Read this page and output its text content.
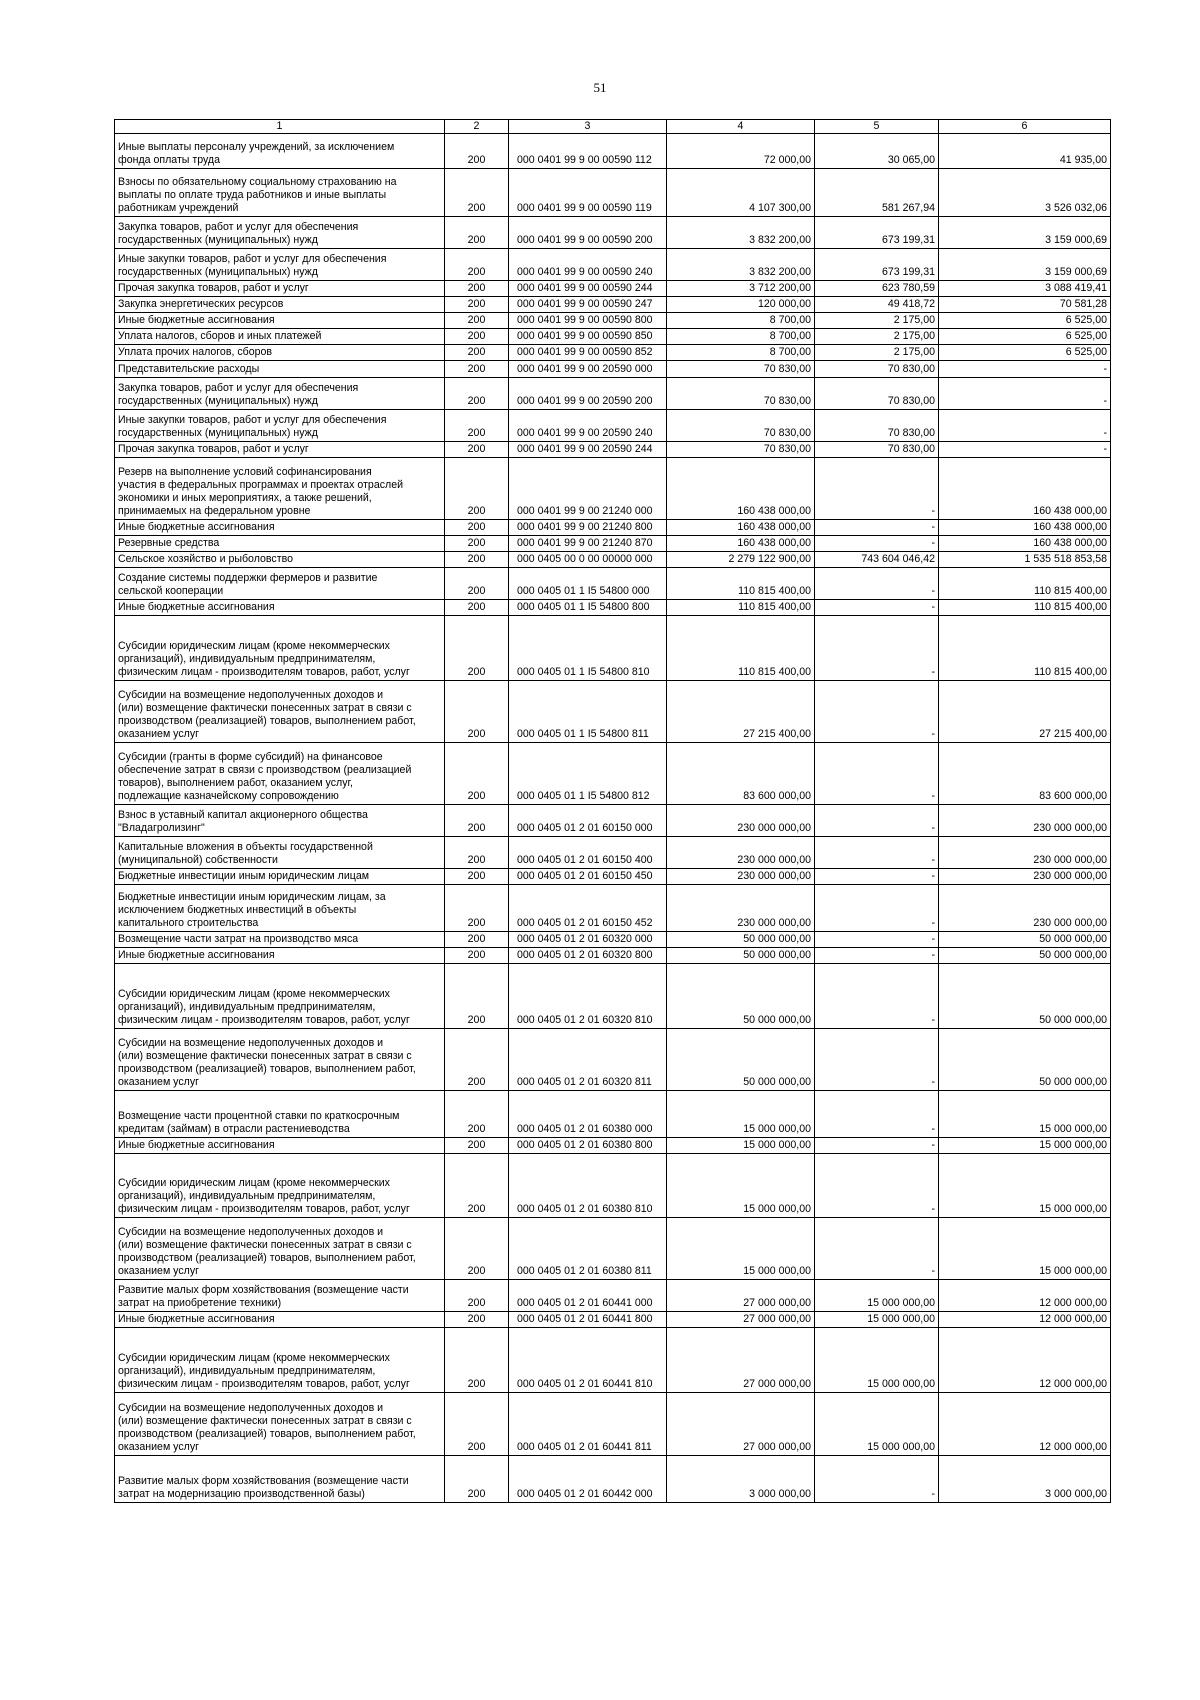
51
1	2	3	4	5	6
Иные выплаты персоналу учреждений, за исключением
фонда оплаты труда	200	000 0401 99 9 00 00590 112	72 000,00	30 065,00	41 935,00
Взносы по обязательному социальному страхованию на
выплаты по оплате труда работников и иные выплаты
работникам учреждений	200	000 0401 99 9 00 00590 119	4 107 300,00	581 267,94	3 526 032,06
Закупка товаров, работ и услуг для обеспечения
государственных (муниципальных) нужд	200	000 0401 99 9 00 00590 200	3 832 200,00	673 199,31	3 159 000,69
Иные закупки товаров, работ и услуг для обеспечения
государственных (муниципальных) нужд	200	000 0401 99 9 00 00590 240	3 832 200,00	673 199,31	3 159 000,69
Прочая закупка товаров, работ и услуг	200	000 0401 99 9 00 00590 244	3 712 200,00	623 780,59	3 088 419,41
Закупка энергетических ресурсов	200	000 0401 99 9 00 00590 247	120 000,00	49 418,72	70 581,28
Иные бюджетные ассигнования	200	000 0401 99 9 00 00590 800	8 700,00	2 175,00	6 525,00
Уплата налогов, сборов и иных платежей	200	000 0401 99 9 00 00590 850	8 700,00	2 175,00	6 525,00
Уплата прочих налогов, сборов	200	000 0401 99 9 00 00590 852	8 700,00	2 175,00	6 525,00
Представительские расходы	200	000 0401 99 9 00 20590 000	70 830,00	70 830,00	-
Закупка товаров, работ и услуг для обеспечения
государственных (муниципальных) нужд	200	000 0401 99 9 00 20590 200	70 830,00	70 830,00	-
Иные закупки товаров, работ и услуг для обеспечения
государственных (муниципальных) нужд	200	000 0401 99 9 00 20590 240	70 830,00	70 830,00	-
Прочая закупка товаров, работ и услуг	200	000 0401 99 9 00 20590 244	70 830,00	70 830,00	-
Резерв на выполнение условий софинансирования
участия в федеральных программах и проектах отраслей
экономики и иных мероприятиях, а также решений,
принимаемых на федеральном уровне	200	000 0401 99 9 00 21240 000	160 438 000,00	-	160 438 000,00
Иные бюджетные ассигнования	200	000 0401 99 9 00 21240 800	160 438 000,00	-	160 438 000,00
Резервные средства	200	000 0401 99 9 00 21240 870	160 438 000,00	-	160 438 000,00
Сельское хозяйство и рыболовство	200	000 0405 00 0 00 00000 000	2 279 122 900,00	743 604 046,42	1 535 518 853,58
Создание системы поддержки фермеров и развитие
сельской кооперации	200	000 0405 01 1 I5 54800 000	110 815 400,00	-	110 815 400,00
Иные бюджетные ассигнования	200	000 0405 01 1 I5 54800 800	110 815 400,00	-	110 815 400,00
Субсидии юридическим лицам (кроме некоммерческих
организаций), индивидуальным предпринимателям,
физическим лицам - производителям товаров, работ, услуг	200	000 0405 01 1 I5 54800 810	110 815 400,00	-	110 815 400,00
Субсидии на возмещение недополученных доходов и
(или) возмещение фактически понесенных затрат в связи с
производством (реализацией) товаров, выполнением работ,
оказанием услуг	200	000 0405 01 1 I5 54800 811	27 215 400,00	-	27 215 400,00
Субсидии (гранты в форме субсидий) на финансовое
обеспечение затрат в связи с производством (реализацией
товаров), выполнением работ, оказанием услуг,
подлежащие казначейскому сопровождению	200	000 0405 01 1 I5 54800 812	83 600 000,00	-	83 600 000,00
Взнос в уставный капитал акционерного общества
"Владагролизинг"	200	000 0405 01 2 01 60150 000	230 000 000,00	-	230 000 000,00
Капитальные вложения в объекты государственной
(муниципальной) собственности	200	000 0405 01 2 01 60150 400	230 000 000,00	-	230 000 000,00
Бюджетные инвестиции иным юридическим лицам	200	000 0405 01 2 01 60150 450	230 000 000,00	-	230 000 000,00
Бюджетные инвестиции иным юридическим лицам, за
исключением бюджетных инвестиций в объекты
капитального строительства	200	000 0405 01 2 01 60150 452	230 000 000,00	-	230 000 000,00
Возмещение части затрат на производство мяса	200	000 0405 01 2 01 60320 000	50 000 000,00	-	50 000 000,00
Иные бюджетные ассигнования	200	000 0405 01 2 01 60320 800	50 000 000,00	-	50 000 000,00
Субсидии юридическим лицам (кроме некоммерческих
организаций), индивидуальным предпринимателям,
физическим лицам - производителям товаров, работ, услуг	200	000 0405 01 2 01 60320 810	50 000 000,00	-	50 000 000,00
Субсидии на возмещение недополученных доходов и
(или) возмещение фактически понесенных затрат в связи с
производством (реализацией) товаров, выполнением работ,
оказанием услуг	200	000 0405 01 2 01 60320 811	50 000 000,00	-	50 000 000,00
Возмещение части процентной ставки по краткосрочным
кредитам (займам) в отрасли растениеводства	200	000 0405 01 2 01 60380 000	15 000 000,00	-	15 000 000,00
Иные бюджетные ассигнования	200	000 0405 01 2 01 60380 800	15 000 000,00	-	15 000 000,00
Субсидии юридическим лицам (кроме некоммерческих
организаций), индивидуальным предпринимателям,
физическим лицам - производителям товаров, работ, услуг	200	000 0405 01 2 01 60380 810	15 000 000,00	-	15 000 000,00
Субсидии на возмещение недополученных доходов и
(или) возмещение фактически понесенных затрат в связи с
производством (реализацией) товаров, выполнением работ,
оказанием услуг	200	000 0405 01 2 01 60380 811	15 000 000,00	-	15 000 000,00
Развитие малых форм хозяйствования (возмещение части
затрат на приобретение техники)	200	000 0405 01 2 01 60441 000	27 000 000,00	15 000 000,00	12 000 000,00
Иные бюджетные ассигнования	200	000 0405 01 2 01 60441 800	27 000 000,00	15 000 000,00	12 000 000,00
Субсидии юридическим лицам (кроме некоммерческих
организаций), индивидуальным предпринимателям,
физическим лицам - производителям товаров, работ, услуг	200	000 0405 01 2 01 60441 810	27 000 000,00	15 000 000,00	12 000 000,00
Субсидии на возмещение недополученных доходов и
(или) возмещение фактически понесенных затрат в связи с
производством (реализацией) товаров, выполнением работ,
оказанием услуг	200	000 0405 01 2 01 60441 811	27 000 000,00	15 000 000,00	12 000 000,00
Развитие малых форм хозяйствования (возмещение части
затрат на модернизацию производственной базы)	200	000 0405 01 2 01 60442 000	3 000 000,00	-	3 000 000,00
